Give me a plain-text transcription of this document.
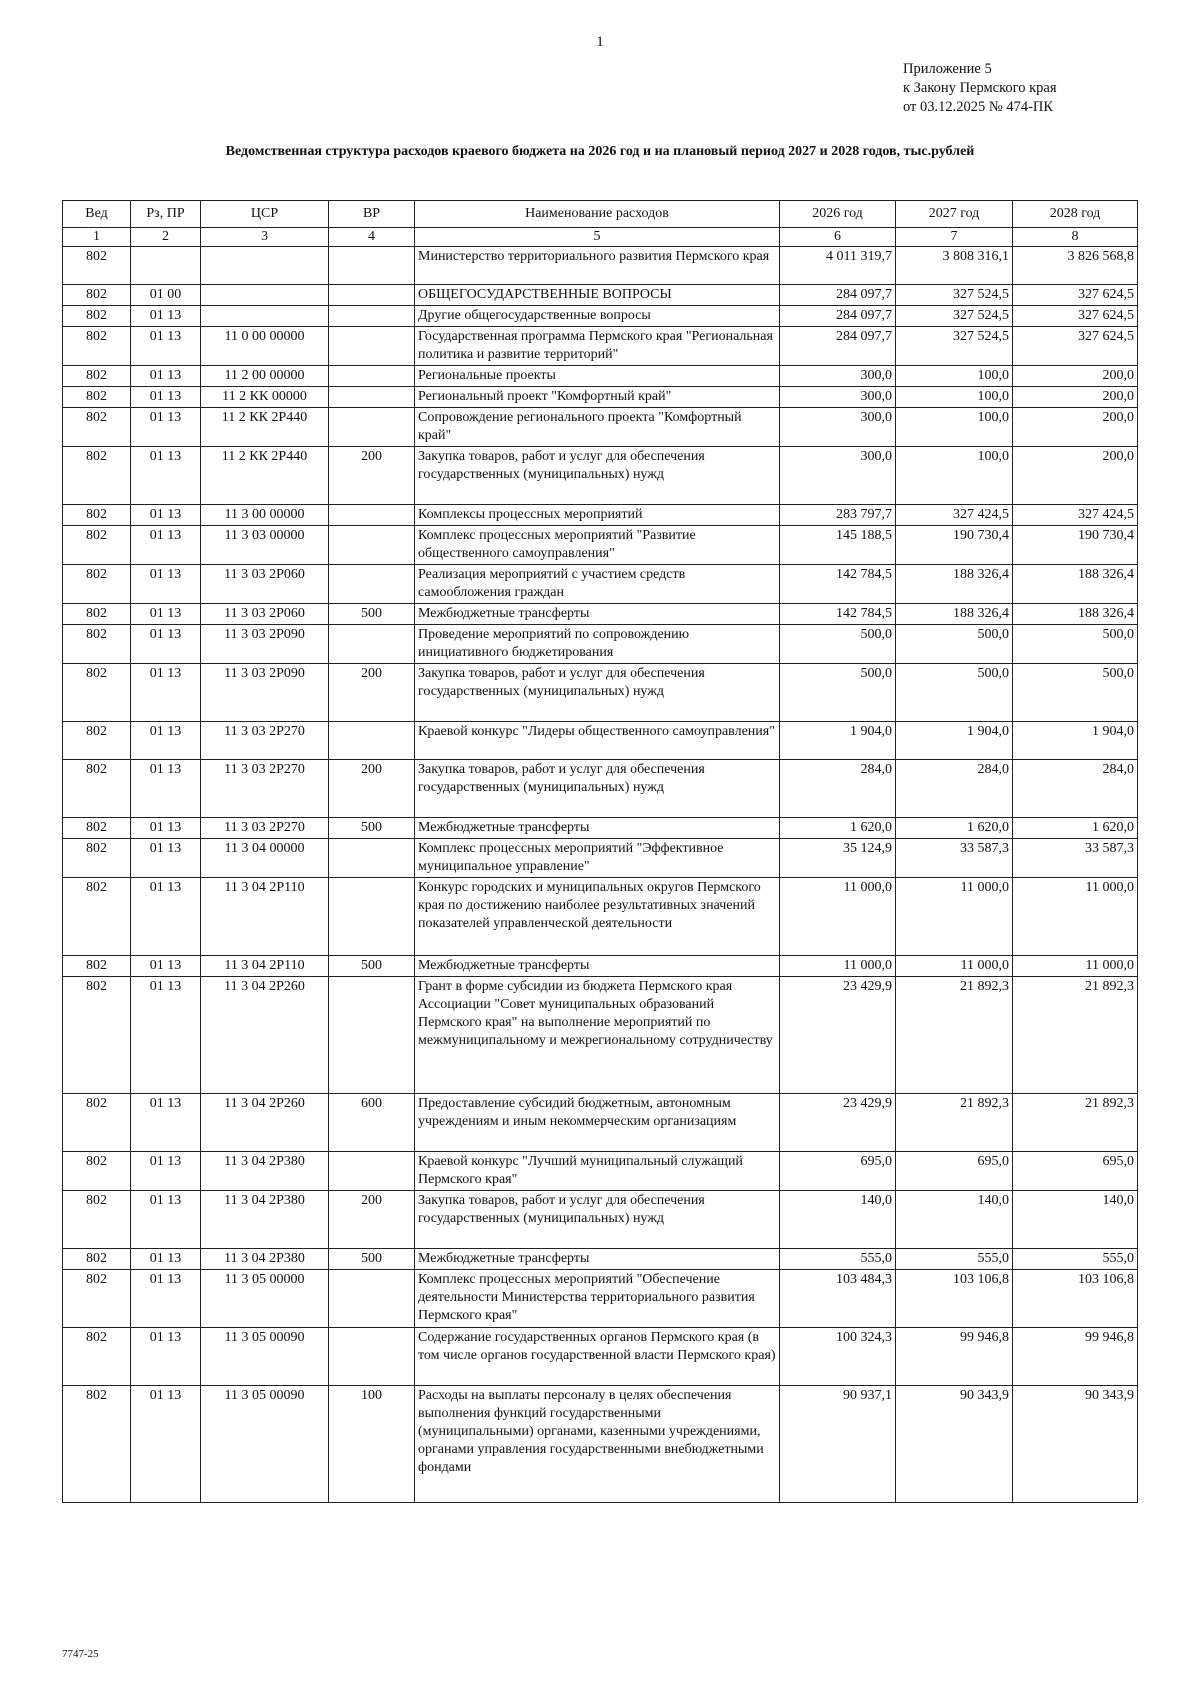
1
Приложение 5
к Закону Пермского края
от 03.12.2025 № 474-ПК
Ведомственная структура расходов краевого бюджета на 2026 год и на плановый период 2027 и 2028 годов, тыс.рублей
Вед	Рз, ПР	ЦСР	ВР	Наименование расходов	2026 год	2027 год	2028 год
1	2	3	4	5	6	7	8
802				Министерство территориального развития Пермского края	4 011 319,7	3 808 316,1	3 826 568,8
802	01 00			ОБЩЕГОСУДАРСТВЕННЫЕ ВОПРОСЫ	284 097,7	327 524,5	327 624,5
802	01 13			Другие общегосударственные вопросы	284 097,7	327 524,5	327 624,5
802	01 13	11 0 00 00000		Государственная программа Пермского края "Региональная политика и развитие территорий"	284 097,7	327 524,5	327 624,5
802	01 13	11 2 00 00000		Региональные проекты	300,0	100,0	200,0
802	01 13	11 2 КК 00000		Региональный проект "Комфортный край"	300,0	100,0	200,0
802	01 13	11 2 КК 2Р440		Сопровождение регионального проекта "Комфортный край"	300,0	100,0	200,0
802	01 13	11 2 КК 2Р440	200	Закупка товаров, работ и услуг для обеспечения государственных (муниципальных) нужд	300,0	100,0	200,0
802	01 13	11 3 00 00000		Комплексы процессных мероприятий	283 797,7	327 424,5	327 424,5
802	01 13	11 3 03 00000		Комплекс процессных мероприятий "Развитие общественного самоуправления"	145 188,5	190 730,4	190 730,4
802	01 13	11 3 03 2Р060		Реализация мероприятий с участием средств самообложения граждан	142 784,5	188 326,4	188 326,4
802	01 13	11 3 03 2Р060	500	Межбюджетные трансферты	142 784,5	188 326,4	188 326,4
802	01 13	11 3 03 2Р090		Проведение мероприятий по сопровождению инициативного бюджетирования	500,0	500,0	500,0
802	01 13	11 3 03 2Р090	200	Закупка товаров, работ и услуг для обеспечения государственных (муниципальных) нужд	500,0	500,0	500,0
802	01 13	11 3 03 2Р270		Краевой конкурс "Лидеры общественного самоуправления"	1 904,0	1 904,0	1 904,0
802	01 13	11 3 03 2Р270	200	Закупка товаров, работ и услуг для обеспечения государственных (муниципальных) нужд	284,0	284,0	284,0
802	01 13	11 3 03 2Р270	500	Межбюджетные трансферты	1 620,0	1 620,0	1 620,0
802	01 13	11 3 04 00000		Комплекс процессных мероприятий "Эффективное муниципальное управление"	35 124,9	33 587,3	33 587,3
802	01 13	11 3 04 2Р110		Конкурс городских и муниципальных округов Пермского края по достижению наиболее результативных значений показателей управленческой деятельности	11 000,0	11 000,0	11 000,0
802	01 13	11 3 04 2Р110	500	Межбюджетные трансферты	11 000,0	11 000,0	11 000,0
802	01 13	11 3 04 2Р260		Грант в форме субсидии из бюджета Пермского края Ассоциации "Совет муниципальных образований Пермского края" на выполнение мероприятий по межмуниципальному и межрегиональному сотрудничеству	23 429,9	21 892,3	21 892,3
802	01 13	11 3 04 2Р260	600	Предоставление субсидий бюджетным, автономным учреждениям и иным некоммерческим организациям	23 429,9	21 892,3	21 892,3
802	01 13	11 3 04 2Р380		Краевой конкурс "Лучший муниципальный служащий Пермского края"	695,0	695,0	695,0
802	01 13	11 3 04 2Р380	200	Закупка товаров, работ и услуг для обеспечения государственных (муниципальных) нужд	140,0	140,0	140,0
802	01 13	11 3 04 2Р380	500	Межбюджетные трансферты	555,0	555,0	555,0
802	01 13	11 3 05 00000		Комплекс процессных мероприятий "Обеспечение деятельности Министерства территориального развития Пермского края"	103 484,3	103 106,8	103 106,8
802	01 13	11 3 05 00090		Содержание государственных органов Пермского края (в том числе органов государственной власти Пермского края)	100 324,3	99 946,8	99 946,8
802	01 13	11 3 05 00090	100	Расходы на выплаты персоналу в целях обеспечения выполнения функций государственными (муниципальными) органами, казенными учреждениями, органами управления государственными внебюджетными фондами	90 937,1	90 343,9	90 343,9
7747-25
